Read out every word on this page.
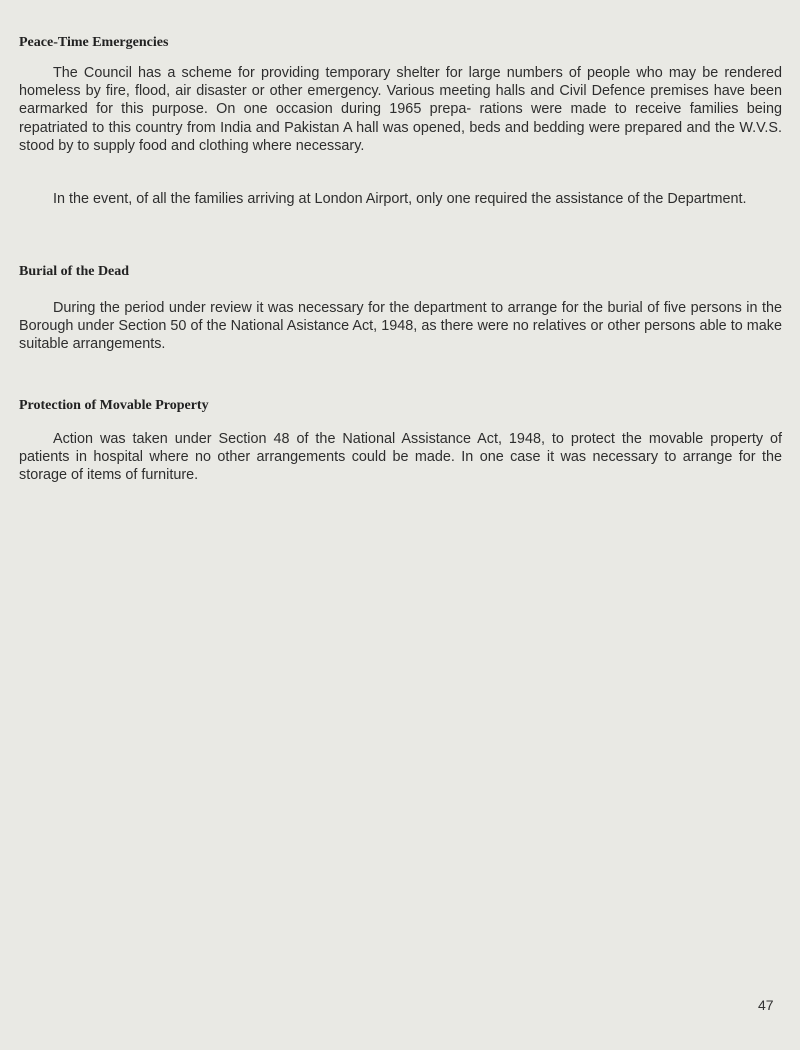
Peace-Time Emergencies

The Council has a scheme for providing temporary shelter for large numbers of people who may be rendered homeless by fire, flood, air disaster or other emergency. Various meeting halls and Civil Defence premises have been earmarked for this purpose. On one occasion during 1965 prepa- rations were made to receive families being repatriated to this country from India and Pakistan A hall was opened, beds and bedding were prepared and the W.V.S. stood by to supply food and clothing where necessary.

In the event, of all the families arriving at London Airport, only one required the assistance of the Department.

Burial of the Dead

During the period under review it was necessary for the department to arrange for the burial of five persons in the Borough under Section 50 of the National Asistance Act, 1948, as there were no relatives or other persons able to make suitable arrangements.

Protection of Movable Property

Action was taken under Section 48 of the National Assistance Act, 1948, to protect the movable property of patients in hospital where no other arrangements could be made. In one case it was necessary to arrange for the storage of items of furniture.

47
